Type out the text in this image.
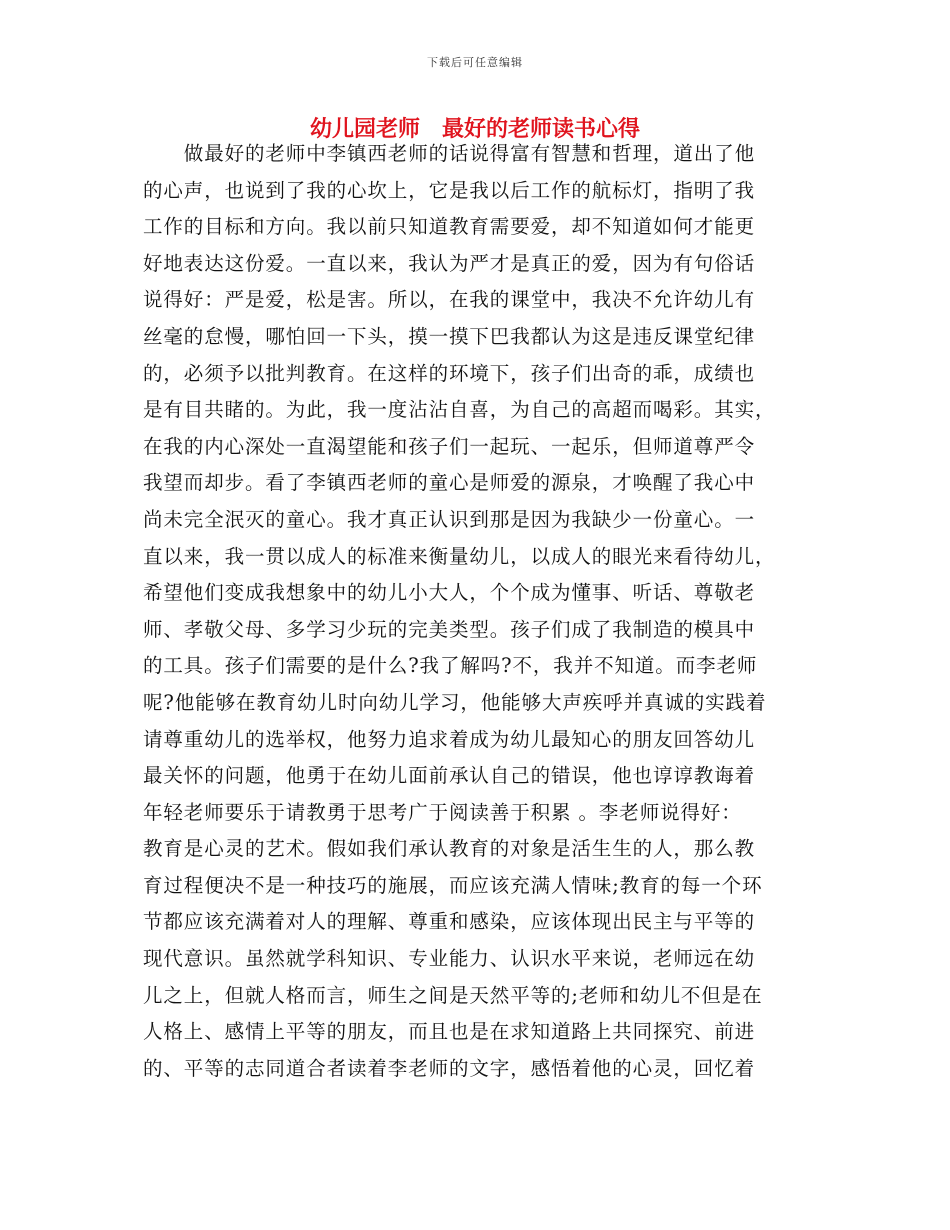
下载后可任意编辑
幼儿园老师　最好的老师读书心得
　　做最好的老师中李镇西老师的话说得富有智慧和哲理，道出了他
的心声，也说到了我的心坎上，它是我以后工作的航标灯，指明了我
工作的目标和方向。我以前只知道教育需要爱，却不知道如何才能更
好地表达这份爱。一直以来，我认为严才是真正的爱，因为有句俗话
说得好：严是爱，松是害。所以，在我的课堂中，我决不允许幼儿有
丝毫的怠慢，哪怕回一下头，摸一摸下巴我都认为这是违反课堂纪律
的，必须予以批判教育。在这样的环境下，孩子们出奇的乖，成绩也
是有目共睹的。为此，我一度沾沾自喜，为自己的高超而喝彩。其实，
在我的内心深处一直渴望能和孩子们一起玩、一起乐，但师道尊严令
我望而却步。看了李镇西老师的童心是师爱的源泉，才唤醒了我心中
尚未完全泯灭的童心。我才真正认识到那是因为我缺少一份童心。一
直以来，我一贯以成人的标准来衡量幼儿，以成人的眼光来看待幼儿，
希望他们变成我想象中的幼儿小大人，个个成为懂事、听话、尊敬老
师、孝敬父母、多学习少玩的完美类型。孩子们成了我制造的模具中
的工具。孩子们需要的是什么?我了解吗?不，我并不知道。而李老师
呢?他能够在教育幼儿时向幼儿学习，他能够大声疾呼并真诚的实践着
请尊重幼儿的选举权，他努力追求着成为幼儿最知心的朋友回答幼儿
最关怀的问题，他勇于在幼儿面前承认自己的错误，他也谆谆教诲着
年轻老师要乐于请教勇于思考广于阅读善于积累 。李老师说得好：
教育是心灵的艺术。假如我们承认教育的对象是活生生的人，那么教
育过程便决不是一种技巧的施展，而应该充满人情味;教育的每一个环
节都应该充满着对人的理解、尊重和感染，应该体现出民主与平等的
现代意识。虽然就学科知识、专业能力、认识水平来说，老师远在幼
儿之上，但就人格而言，师生之间是天然平等的;老师和幼儿不但是在
人格上、感情上平等的朋友，而且也是在求知道路上共同探究、前进
的、平等的志同道合者读着李老师的文字，感悟着他的心灵，回忆着
